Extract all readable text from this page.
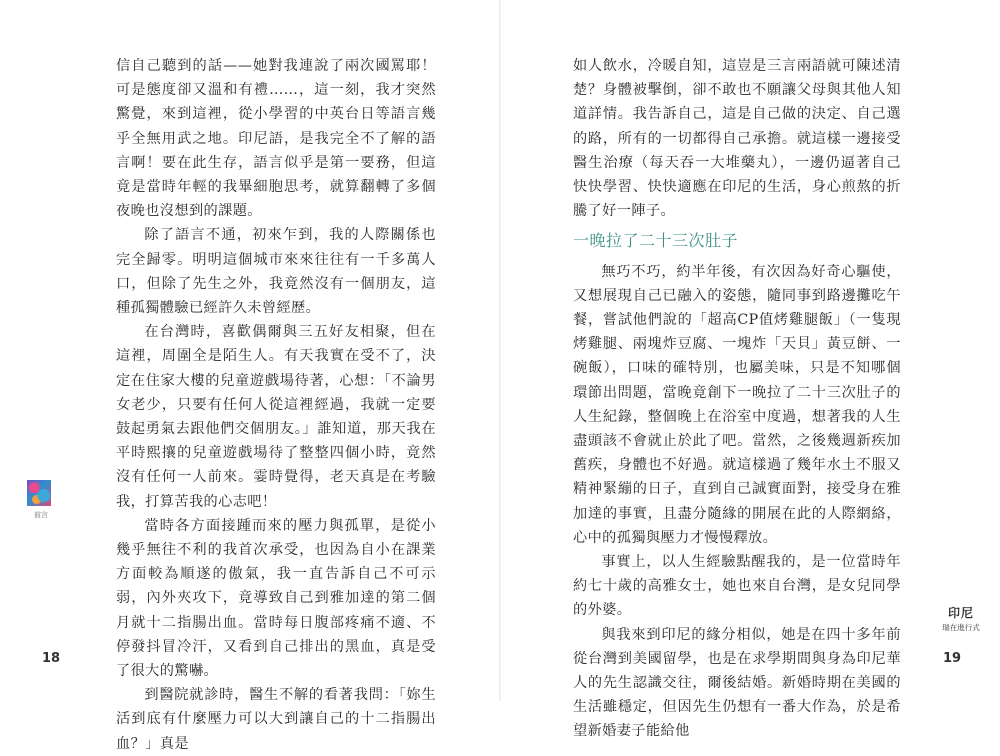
信自己聽到的話——她對我連說了兩次國罵耶！可是態度卻又溫和有禮……，這一刻，我才突然驚覺，來到這裡，從小學習的中英台日等語言幾乎全無用武之地。印尼語，是我完全不了解的語言啊！要在此生存，語言似乎是第一要務，但這竟是當時年輕的我畢細胞思考，就算翻轉了多個夜晚也沒想到的課題。

除了語言不通，初來乍到，我的人際關係也完全歸零。明明這個城市來來往往有一千多萬人口，但除了先生之外，我竟然沒有一個朋友，這種孤獨體驗已經許久未曾經歷。

在台灣時，喜歡偶爾與三五好友相聚，但在這裡，周圍全是陌生人。有天我實在受不了，決定在住家大樓的兒童遊戲場待著，心想：「不論男女老少，只要有任何人從這裡經過，我就一定要鼓起勇氣去跟他們交個朋友。」誰知道，那天我在平時熙攘的兒童遊戲場待了整整四個小時，竟然沒有任何一人前來。霎時覺得，老天真是在考驗我，打算苦我的心志吧！

當時各方面接踵而來的壓力與孤單，是從小幾乎無往不利的我首次承受，也因為自小在課業方面較為順遂的傲氣，我一直告訴自己不可示弱，內外夾攻下，竟導致自己到雅加達的第二個月就十二指腸出血。當時每日腹部疼痛不適、不停發抖冒冷汗，又看到自己排出的黑血，真是受了很大的驚嚇。

到醫院就診時，醫生不解的看著我問：「妳生活到底有什麼壓力可以大到讓自己的十二指腸出血？」真是

前言
18

如人飲水，冷暖自知，這豈是三言兩語就可陳述清楚？身體被擊倒，卻不敢也不願讓父母與其他人知道詳情。我告訴自己，這是自己做的決定、自己選的路，所有的一切都得自己承擔。就這樣一邊接受醫生治療（每天吞一大堆藥丸），一邊仍逼著自己快快學習、快快適應在印尼的生活，身心煎熬的折騰了好一陣子。

一晚拉了二十三次肚子

無巧不巧，約半年後，有次因為好奇心驅使，又想展現自己已融入的姿態，隨同事到路邊攤吃午餐，嘗試他們說的「超高CP值烤雞腿飯」（一隻現烤雞腿、兩塊炸豆腐、一塊炸「天貝」黃豆餅、一碗飯），口味的確特別，也屬美味，只是不知哪個環節出問題，當晚竟創下一晚拉了二十三次肚子的人生紀錄，整個晚上在浴室中度過，想著我的人生盡頭該不會就止於此了吧。當然，之後幾週新疾加舊疾，身體也不好過。就這樣過了幾年水土不服又精神緊繃的日子，直到自己誠實面對，接受身在雅加達的事實，且盡分隨緣的開展在此的人際網絡，心中的孤獨與壓力才慢慢釋放。

事實上，以人生經驗點醒我的，是一位當時年約七十歲的高雅女士，她也來自台灣，是女兒同學的外婆。

與我來到印尼的緣分相似，她是在四十多年前從台灣到美國留學，也是在求學期間與身為印尼華人的先生認識交往，爾後結婚。新婚時期在美國的生活雖穩定，但因先生仍想有一番大作為，於是希望新婚妻子能給他

印尼
瑞在進行式
19
